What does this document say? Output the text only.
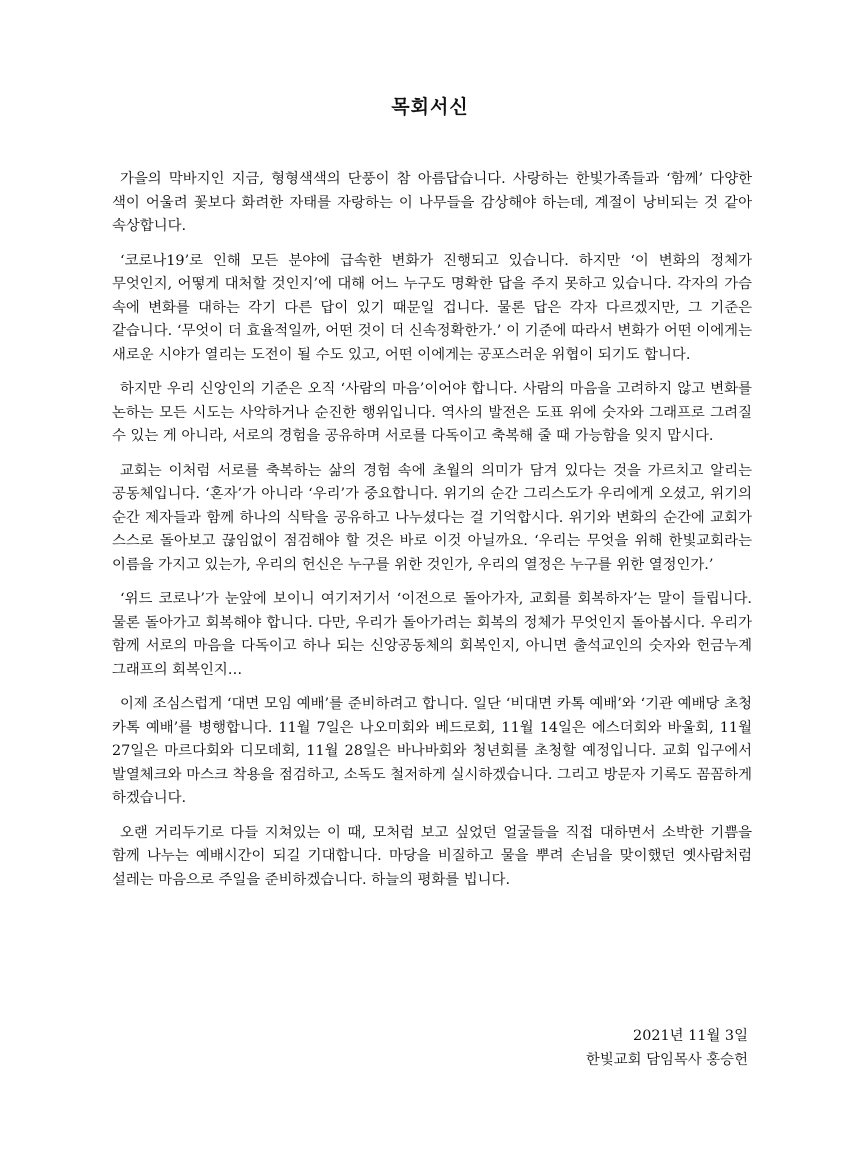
목회서신

가을의 막바지인 지금, 형형색색의 단풍이 참 아름답습니다. 사랑하는 한빛가족들과 ‘함께’ 다양한 색이 어울려 꽃보다 화려한 자태를 자랑하는 이 나무들을 감상해야 하는데, 계절이 낭비되는 것 같아 속상합니다.

‘코로나19’로 인해 모든 분야에 급속한 변화가 진행되고 있습니다. 하지만 ‘이 변화의 정체가 무엇인지, 어떻게 대처할 것인지’에 대해 어느 누구도 명확한 답을 주지 못하고 있습니다. 각자의 가슴 속에 변화를 대하는 각기 다른 답이 있기 때문일 겁니다. 물론 답은 각자 다르겠지만, 그 기준은 같습니다. ‘무엇이 더 효율적일까, 어떤 것이 더 신속정확한가.’ 이 기준에 따라서 변화가 어떤 이에게는 새로운 시야가 열리는 도전이 될 수도 있고, 어떤 이에게는 공포스러운 위협이 되기도 합니다.

하지만 우리 신앙인의 기준은 오직 ‘사람의 마음’이어야 합니다. 사람의 마음을 고려하지 않고 변화를 논하는 모든 시도는 사악하거나 순진한 행위입니다. 역사의 발전은 도표 위에 숫자와 그래프로 그려질 수 있는 게 아니라, 서로의 경험을 공유하며 서로를 다독이고 축복해 줄 때 가능함을 잊지 맙시다.

교회는 이처럼 서로를 축복하는 삶의 경험 속에 초월의 의미가 담겨 있다는 것을 가르치고 알리는 공동체입니다. ‘혼자’가 아니라 ‘우리’가 중요합니다. 위기의 순간 그리스도가 우리에게 오셨고, 위기의 순간 제자들과 함께 하나의 식탁을 공유하고 나누셨다는 걸 기억합시다. 위기와 변화의 순간에 교회가 스스로 돌아보고 끊임없이 점검해야 할 것은 바로 이것 아닐까요. ‘우리는 무엇을 위해 한빛교회라는 이름을 가지고 있는가, 우리의 헌신은 누구를 위한 것인가, 우리의 열정은 누구를 위한 열정인가.’

‘위드 코로나’가 눈앞에 보이니 여기저기서 ‘이전으로 돌아가자, 교회를 회복하자’는 말이 들립니다. 물론 돌아가고 회복해야 합니다. 다만, 우리가 돌아가려는 회복의 정체가 무엇인지 돌아봅시다. 우리가 함께 서로의 마음을 다독이고 하나 되는 신앙공동체의 회복인지, 아니면 출석교인의 숫자와 헌금누계 그래프의 회복인지…

이제 조심스럽게 ‘대면 모임 예배’를 준비하려고 합니다. 일단 ‘비대면 카톡 예배’와 ‘기관 예배당 초청 카톡 예배’를 병행합니다. 11월 7일은 나오미회와 베드로회, 11월 14일은 에스더회와 바울회, 11월 27일은 마르다회와 디모데회, 11월 28일은 바나바회와 청년회를 초청할 예정입니다. 교회 입구에서 발열체크와 마스크 착용을 점검하고, 소독도 철저하게 실시하겠습니다. 그리고 방문자 기록도 꼼꼼하게 하겠습니다.

오랜 거리두기로 다들 지쳐있는 이 때, 모처럼 보고 싶었던 얼굴들을 직접 대하면서 소박한 기쁨을 함께 나누는 예배시간이 되길 기대합니다. 마당을 비질하고 물을 뿌려 손님을 맞이했던 옛사람처럼 설레는 마음으로 주일을 준비하겠습니다. 하늘의 평화를 빕니다.

2021년 11월 3일
한빛교회 담임목사 홍승헌
